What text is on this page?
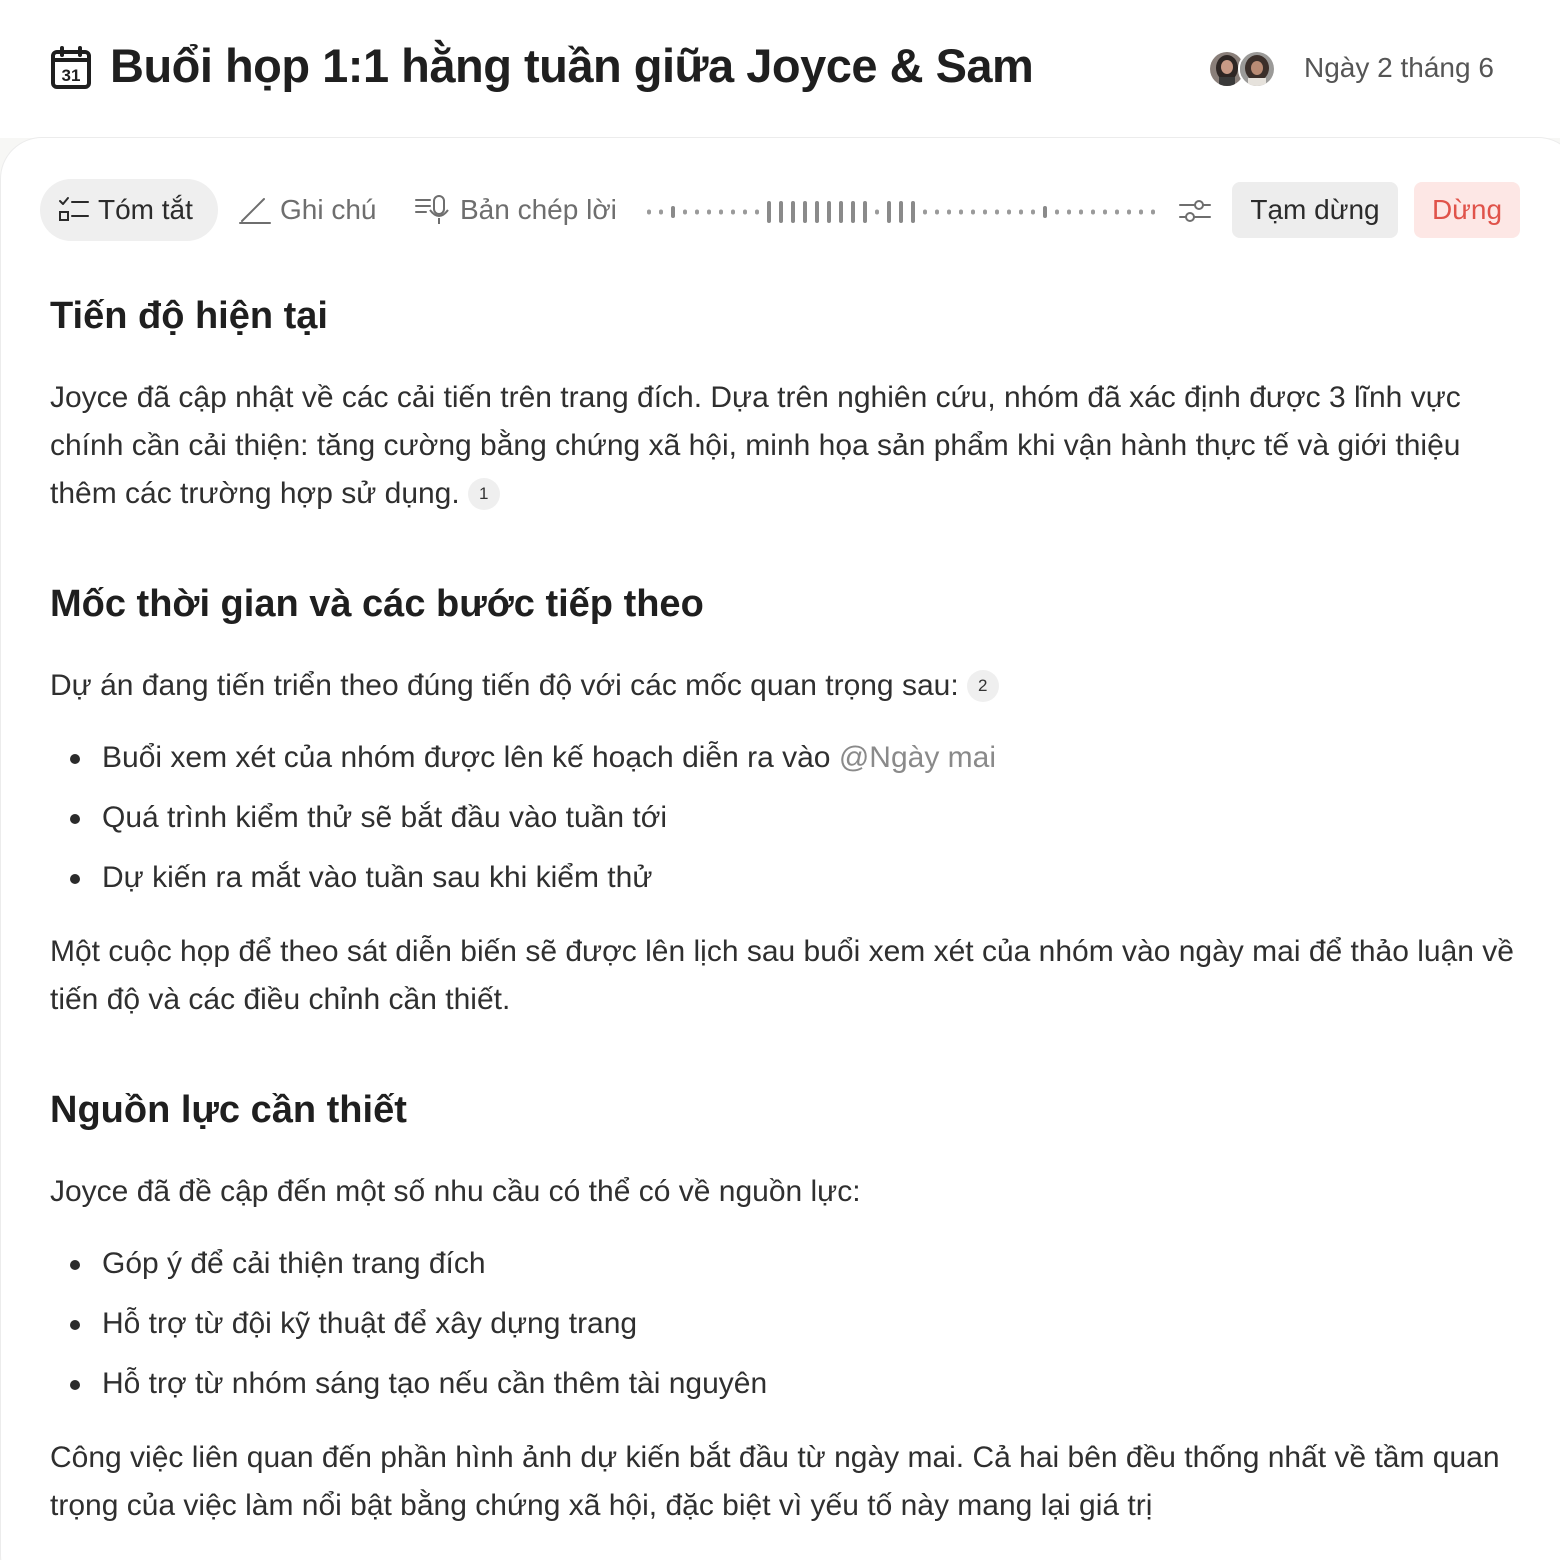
31 Buổi họp 1:1 hằng tuần giữa Joyce & Sam	Ngày 2 tháng 6
Tóm tắt	Ghi chú	Bản chép lời	Tạm dừng	Dừng
Tiến độ hiện tại

Joyce đã cập nhật về các cải tiến trên trang đích. Dựa trên nghiên cứu, nhóm đã xác định được 3 lĩnh vực chính cần cải thiện: tăng cường bằng chứng xã hội, minh họa sản phẩm khi vận hành thực tế và giới thiệu thêm các trường hợp sử dụng. 1

Mốc thời gian và các bước tiếp theo

Dự án đang tiến triển theo đúng tiến độ với các mốc quan trọng sau: 2

Buổi xem xét của nhóm được lên kế hoạch diễn ra vào @Ngày mai
Quá trình kiểm thử sẽ bắt đầu vào tuần tới
Dự kiến ra mắt vào tuần sau khi kiểm thử

Một cuộc họp để theo sát diễn biến sẽ được lên lịch sau buổi xem xét của nhóm vào ngày mai để thảo luận về tiến độ và các điều chỉnh cần thiết.

Nguồn lực cần thiết

Joyce đã đề cập đến một số nhu cầu có thể có về nguồn lực:

Góp ý để cải thiện trang đích
Hỗ trợ từ đội kỹ thuật để xây dựng trang
Hỗ trợ từ nhóm sáng tạo nếu cần thêm tài nguyên

Công việc liên quan đến phần hình ảnh dự kiến bắt đầu từ ngày mai. Cả hai bên đều thống nhất về tầm quan trọng của việc làm nổi bật bằng chứng xã hội, đặc biệt vì yếu tố này mang lại giá trị
